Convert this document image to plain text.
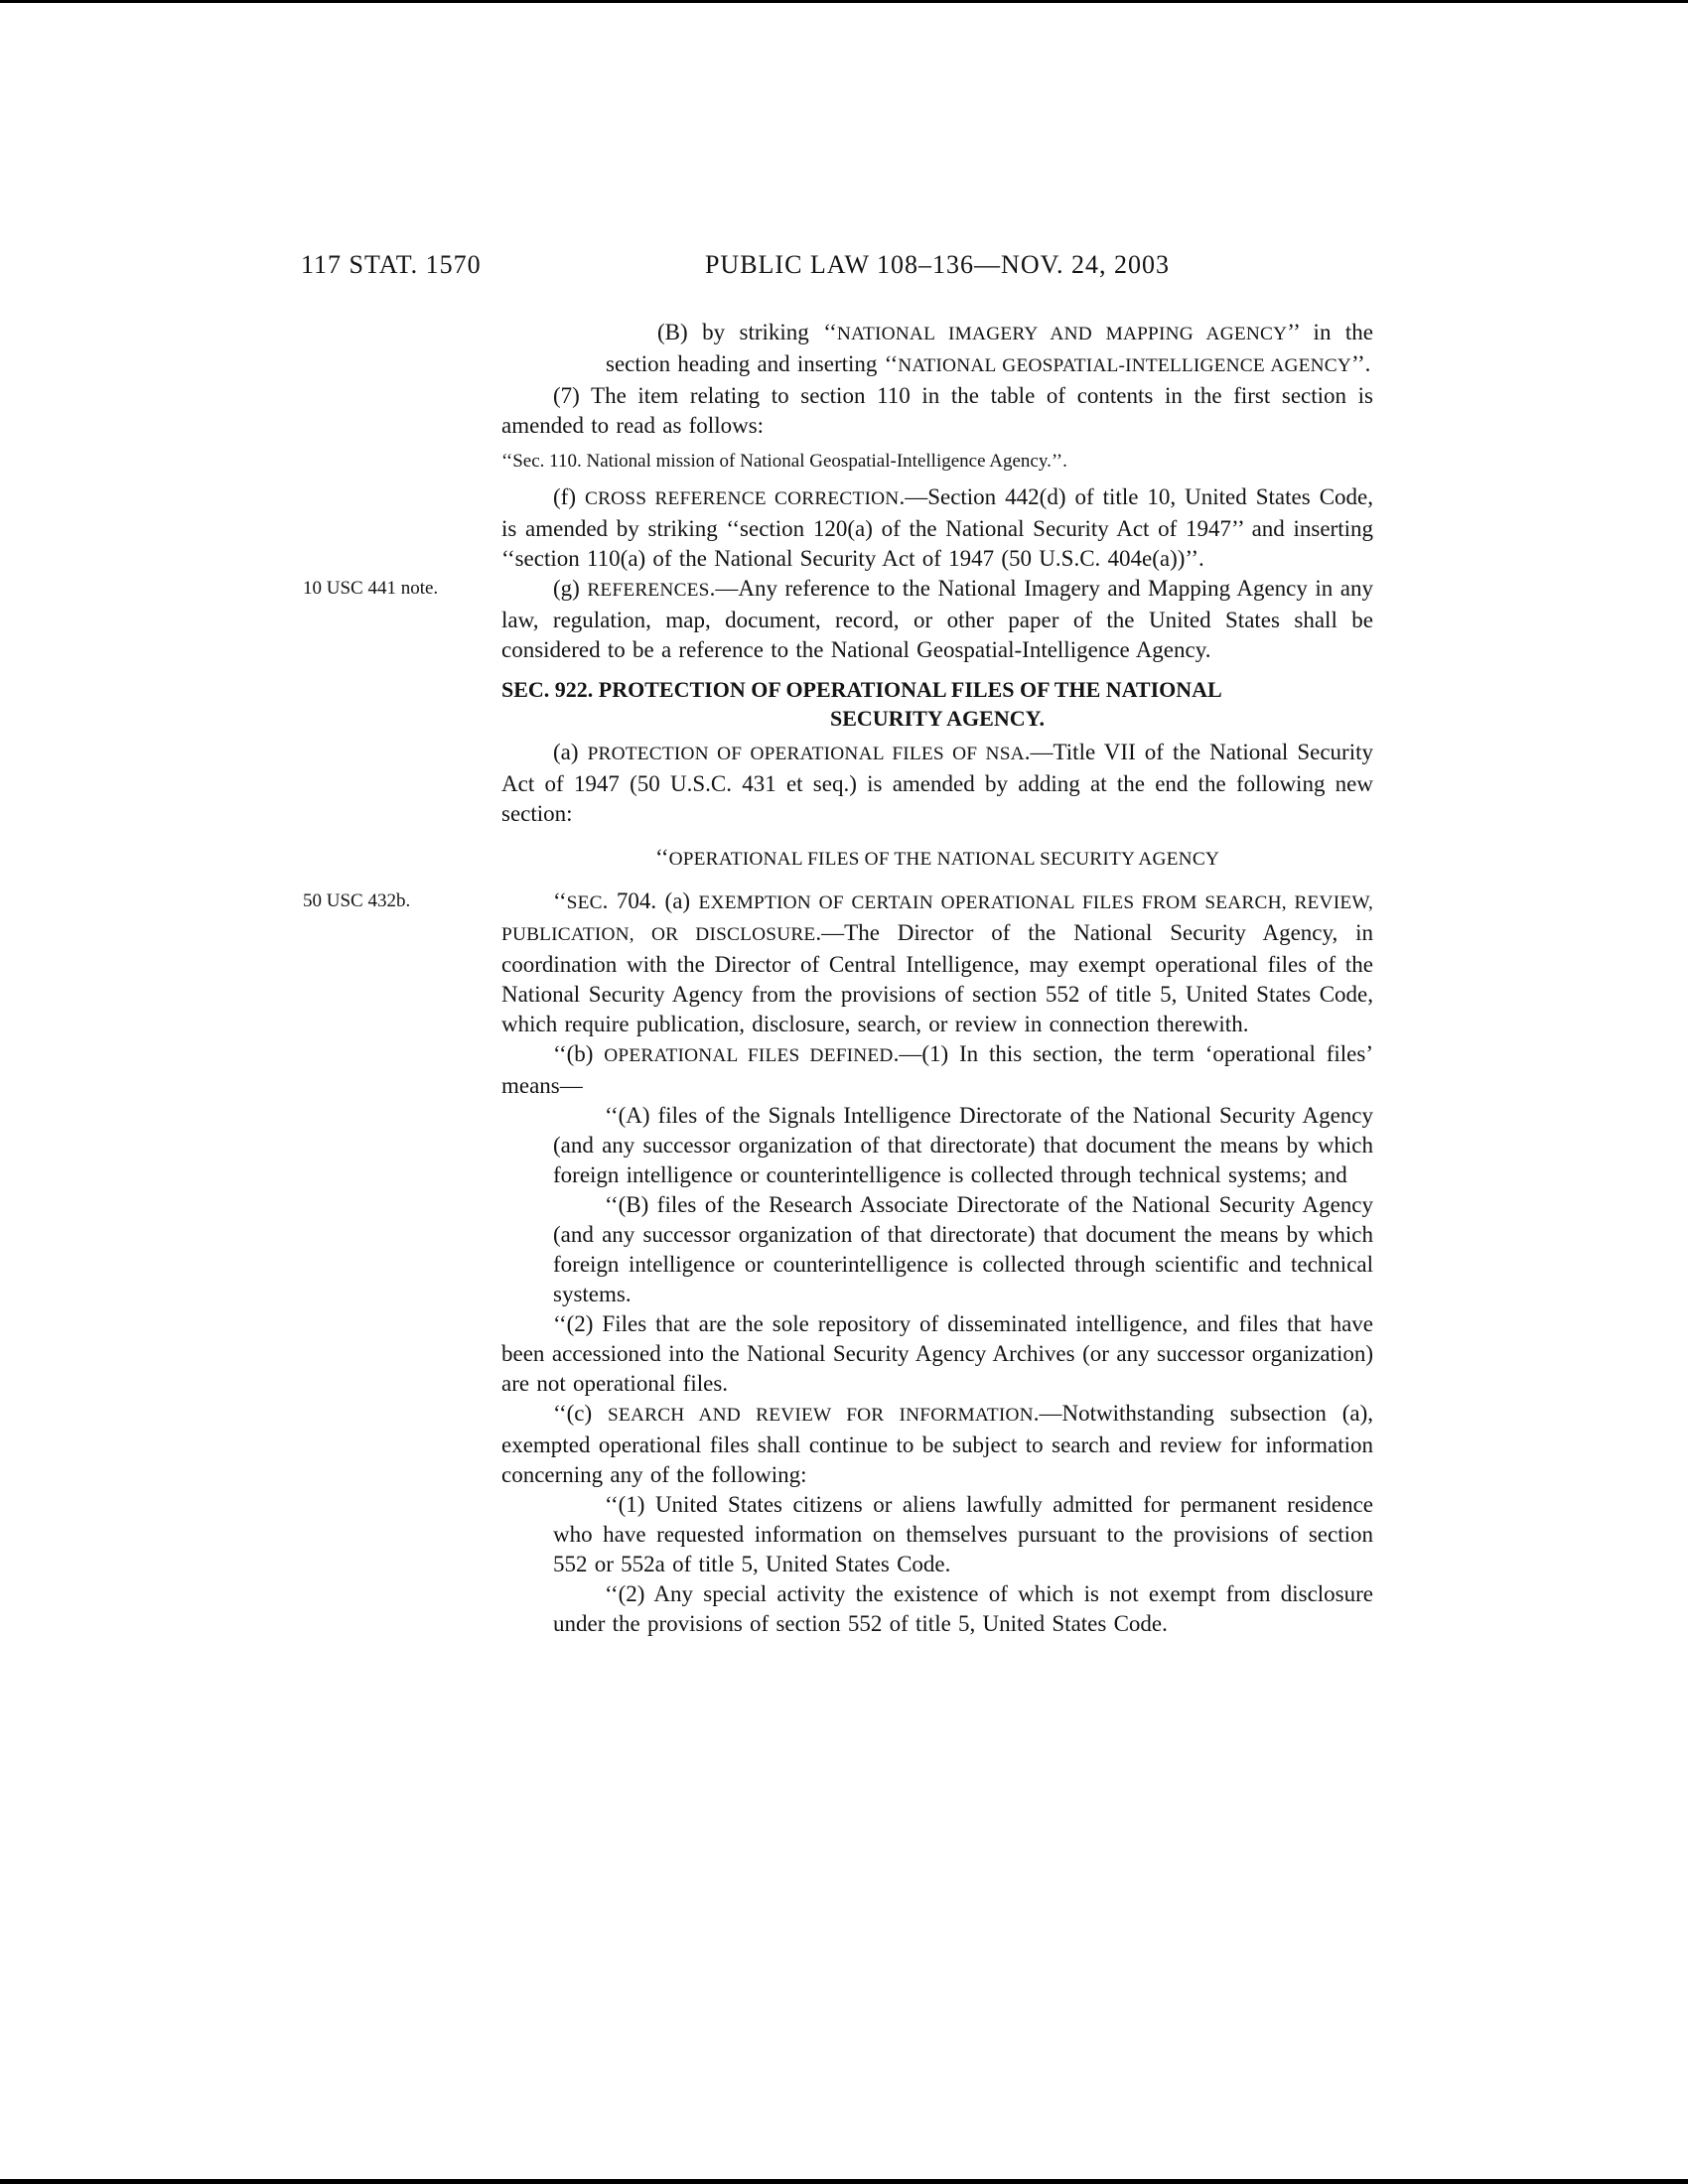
117 STAT. 1570	PUBLIC LAW 108–136—NOV. 24, 2003
(B) by striking ‘‘NATIONAL IMAGERY AND MAPPING AGENCY’’ in the section heading and inserting ‘‘NATIONAL GEOSPATIAL-INTELLIGENCE AGENCY’’.
(7) The item relating to section 110 in the table of contents in the first section is amended to read as follows:
‘‘Sec. 110. National mission of National Geospatial-Intelligence Agency.’’.
(f) CROSS REFERENCE CORRECTION.—Section 442(d) of title 10, United States Code, is amended by striking ‘‘section 120(a) of the National Security Act of 1947’’ and inserting ‘‘section 110(a) of the National Security Act of 1947 (50 U.S.C. 404e(a))’’.
10 USC 441 note.	(g) REFERENCES.—Any reference to the National Imagery and Mapping Agency in any law, regulation, map, document, record, or other paper of the United States shall be considered to be a reference to the National Geospatial-Intelligence Agency.
SEC. 922. PROTECTION OF OPERATIONAL FILES OF THE NATIONAL
SECURITY AGENCY.
(a) PROTECTION OF OPERATIONAL FILES OF NSA.—Title VII of the National Security Act of 1947 (50 U.S.C. 431 et seq.) is amended by adding at the end the following new section:
‘‘OPERATIONAL FILES OF THE NATIONAL SECURITY AGENCY
50 USC 432b.	‘‘SEC. 704. (a) EXEMPTION OF CERTAIN OPERATIONAL FILES FROM SEARCH, REVIEW, PUBLICATION, OR DISCLOSURE.—The Director of the National Security Agency, in coordination with the Director of Central Intelligence, may exempt operational files of the National Security Agency from the provisions of section 552 of title 5, United States Code, which require publication, disclosure, search, or review in connection therewith.
‘‘(b) OPERATIONAL FILES DEFINED.—(1) In this section, the term ‘operational files’ means—
‘‘(A) files of the Signals Intelligence Directorate of the National Security Agency (and any successor organization of that directorate) that document the means by which foreign intelligence or counterintelligence is collected through technical systems; and
‘‘(B) files of the Research Associate Directorate of the National Security Agency (and any successor organization of that directorate) that document the means by which foreign intelligence or counterintelligence is collected through scientific and technical systems.
‘‘(2) Files that are the sole repository of disseminated intelligence, and files that have been accessioned into the National Security Agency Archives (or any successor organization) are not operational files.
‘‘(c) SEARCH AND REVIEW FOR INFORMATION.—Notwithstanding subsection (a), exempted operational files shall continue to be subject to search and review for information concerning any of the following:
‘‘(1) United States citizens or aliens lawfully admitted for permanent residence who have requested information on themselves pursuant to the provisions of section 552 or 552a of title 5, United States Code.
‘‘(2) Any special activity the existence of which is not exempt from disclosure under the provisions of section 552 of title 5, United States Code.
